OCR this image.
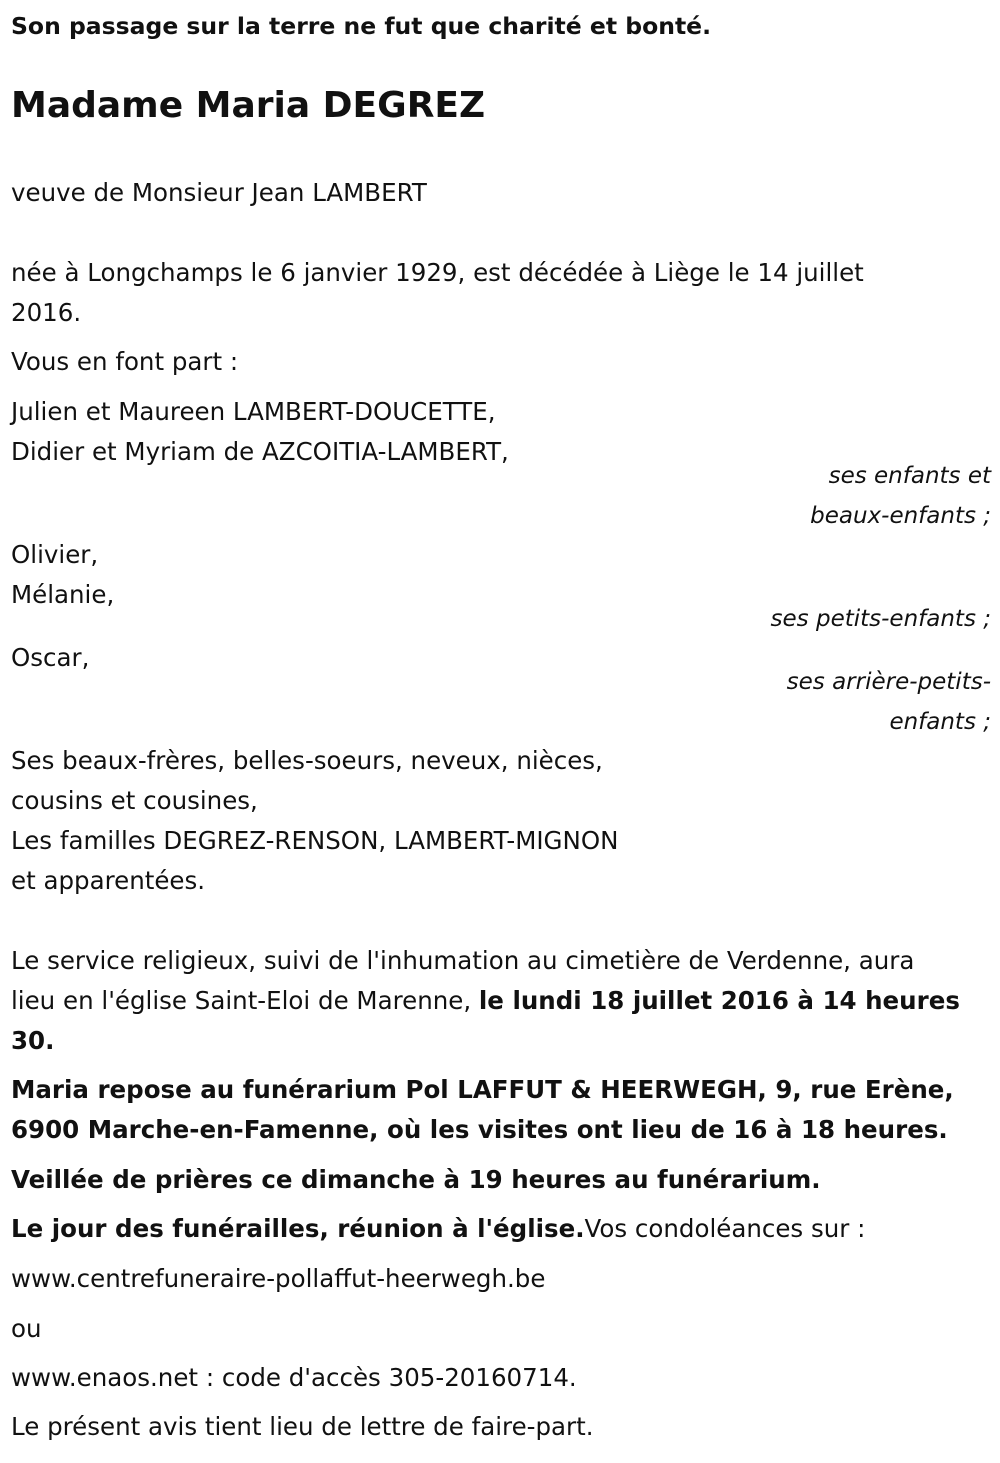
Son passage sur la terre ne fut que charité et bonté.
Madame Maria DEGREZ
veuve de Monsieur Jean LAMBERT
née à Longchamps le 6 janvier 1929, est décédée à Liège le 14 juillet
2016.
Vous en font part :
Julien et Maureen LAMBERT-DOUCETTE,
Didier et Myriam de AZCOITIA-LAMBERT,
ses enfants et
beaux-enfants ;
Olivier,
Mélanie,
ses petits-enfants ;
Oscar,
ses arrière-petits-
enfants ;
Ses beaux-frères, belles-soeurs, neveux, nièces,
cousins et cousines,
Les familles DEGREZ-RENSON, LAMBERT-MIGNON
et apparentées.
Le service religieux, suivi de l'inhumation au cimetière de Verdenne, aura
lieu en l'église Saint-Eloi de Marenne, le lundi 18 juillet 2016 à 14 heures
30.
Maria repose au funérarium Pol LAFFUT & HEERWEGH, 9, rue Erène,
6900 Marche-en-Famenne, où les visites ont lieu de 16 à 18 heures.
Veillée de prières ce dimanche à 19 heures au funérarium.
Le jour des funérailles, réunion à l'église.Vos condoléances sur :
www.centrefuneraire-pollaffut-heerwegh.be
ou
www.enaos.net : code d'accès 305-20160714.
Le présent avis tient lieu de lettre de faire-part.
